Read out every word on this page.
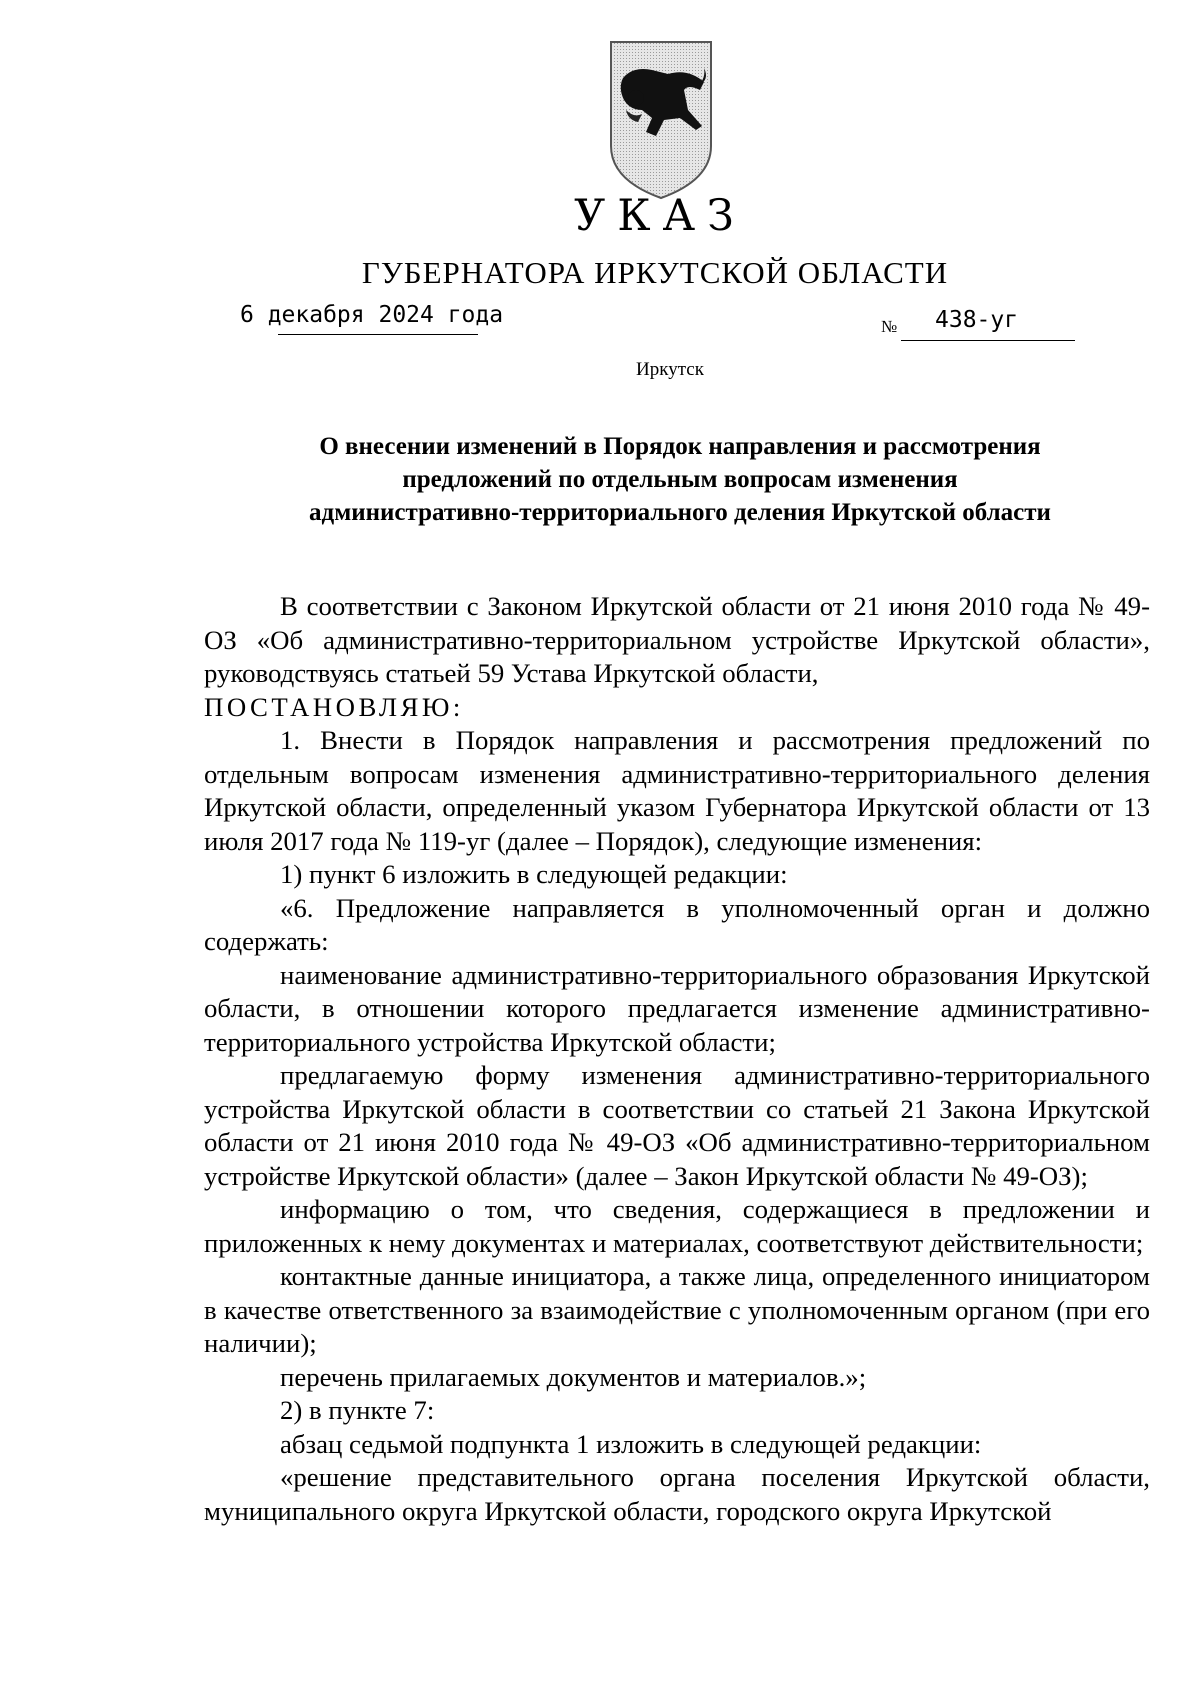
УКАЗ
ГУБЕРНАТОРА ИРКУТСКОЙ ОБЛАСТИ
6 декабря 2024 года	№ 438-уг
Иркутск
О внесении изменений в Порядок направления и рассмотрения
предложений по отдельным вопросам изменения
административно-территориального деления Иркутской области

В соответствии с Законом Иркутской области от 21 июня 2010 года № 49-ОЗ «Об административно-территориальном устройстве Иркутской области», руководствуясь статьей 59 Устава Иркутской области,

ПОСТАНОВЛЯЮ:

1. Внести в Порядок направления и рассмотрения предложений по отдельным вопросам изменения административно-территориального деления Иркутской области, определенный указом Губернатора Иркутской области от 13 июля 2017 года № 119-уг (далее – Порядок), следующие изменения:

1) пункт 6 изложить в следующей редакции:

«6. Предложение направляется в уполномоченный орган и должно содержать:

наименование административно-территориального образования Иркутской области, в отношении которого предлагается изменение административно-территориального устройства Иркутской области;

предлагаемую форму изменения административно-территориального устройства Иркутской области в соответствии со статьей 21 Закона Иркутской области от 21 июня 2010 года № 49-ОЗ «Об административно-территориальном устройстве Иркутской области» (далее – Закон Иркутской области № 49-ОЗ);

информацию о том, что сведения, содержащиеся в предложении и приложенных к нему документах и материалах, соответствуют действительности;

контактные данные инициатора, а также лица, определенного инициатором в качестве ответственного за взаимодействие с уполномоченным органом (при его наличии);

перечень прилагаемых документов и материалов.»;

2) в пункте 7:

абзац седьмой подпункта 1 изложить в следующей редакции:

«решение представительного органа поселения Иркутской области, муниципального округа Иркутской области, городского округа Иркутской
